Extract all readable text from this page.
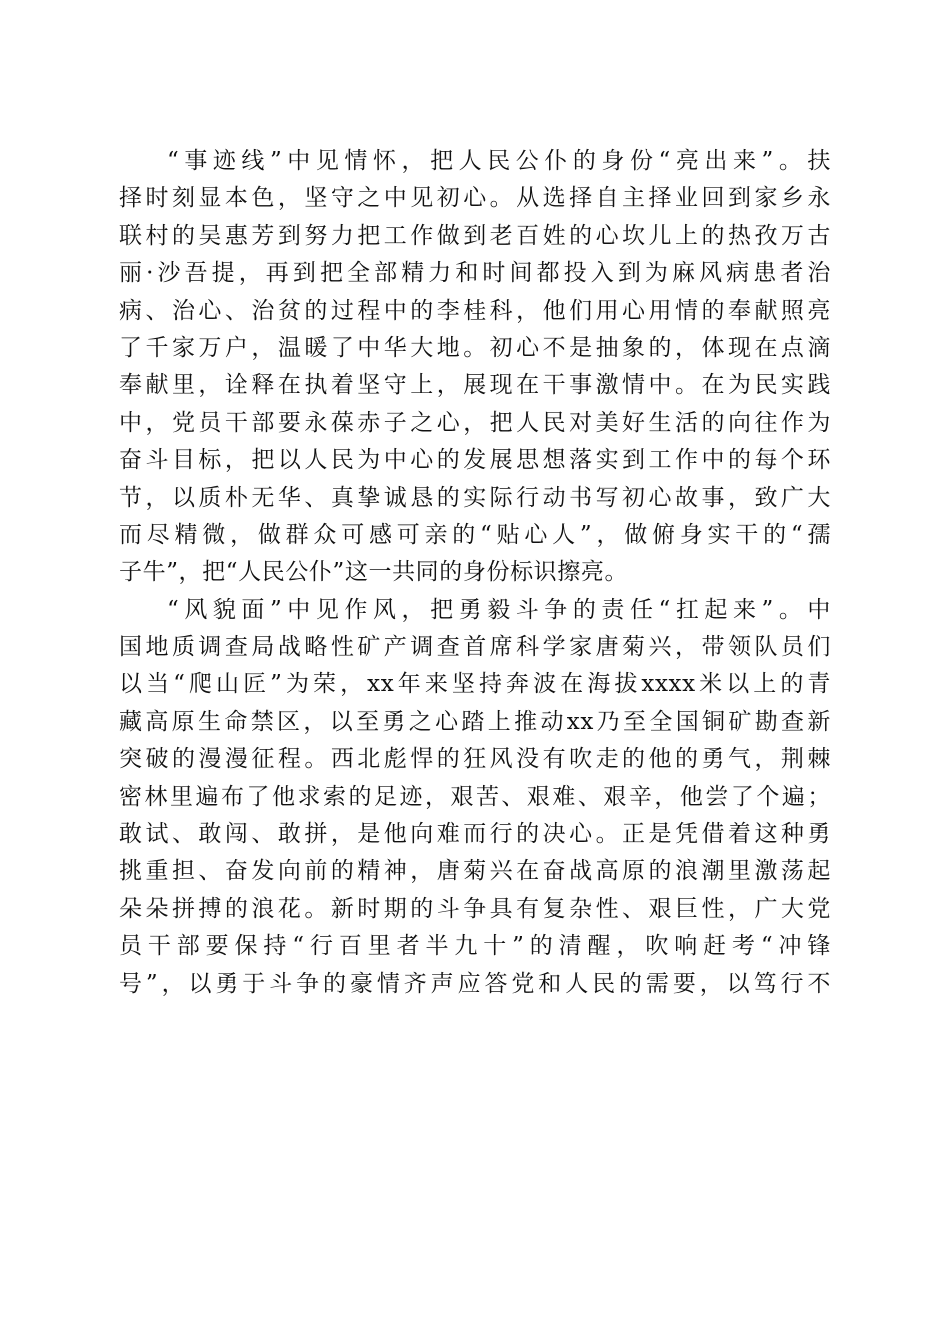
“事迹线”中见情怀，把人民公仆的身份“亮出来”。扶
择时刻显本色，坚守之中见初心。从选择自主择业回到家乡永
联村的吴惠芳到努力把工作做到老百姓的心坎儿上的热孜万古
丽·沙吾提，再到把全部精力和时间都投入到为麻风病患者治
病、治心、治贫的过程中的李桂科，他们用心用情的奉献照亮
了千家万户，温暖了中华大地。初心不是抽象的，体现在点滴
奉献里，诠释在执着坚守上，展现在干事激情中。在为民实践
中，党员干部要永葆赤子之心，把人民对美好生活的向往作为
奋斗目标，把以人民为中心的发展思想落实到工作中的每个环
节，以质朴无华、真挚诚恳的实际行动书写初心故事，致广大
而尽精微，做群众可感可亲的“贴心人”，做俯身实干的“孺
子牛”，把“人民公仆”这一共同的身份标识擦亮。
“风貌面”中见作风，把勇毅斗争的责任“扛起来”。中
国地质调查局战略性矿产调查首席科学家唐菊兴，带领队员们
以当“爬山匠”为荣，xx年来坚持奔波在海拔xxxx米以上的青
藏高原生命禁区，以至勇之心踏上推动xx乃至全国铜矿勘查新
突破的漫漫征程。西北彪悍的狂风没有吹走的他的勇气，荆棘
密林里遍布了他求索的足迹，艰苦、艰难、艰辛，他尝了个遍；
敢试、敢闯、敢拼，是他向难而行的决心。正是凭借着这种勇
挑重担、奋发向前的精神，唐菊兴在奋战高原的浪潮里激荡起
朵朵拼搏的浪花。新时期的斗争具有复杂性、艰巨性，广大党
员干部要保持“行百里者半九十”的清醒，吹响赶考“冲锋
号”，以勇于斗争的豪情齐声应答党和人民的需要，以笃行不
